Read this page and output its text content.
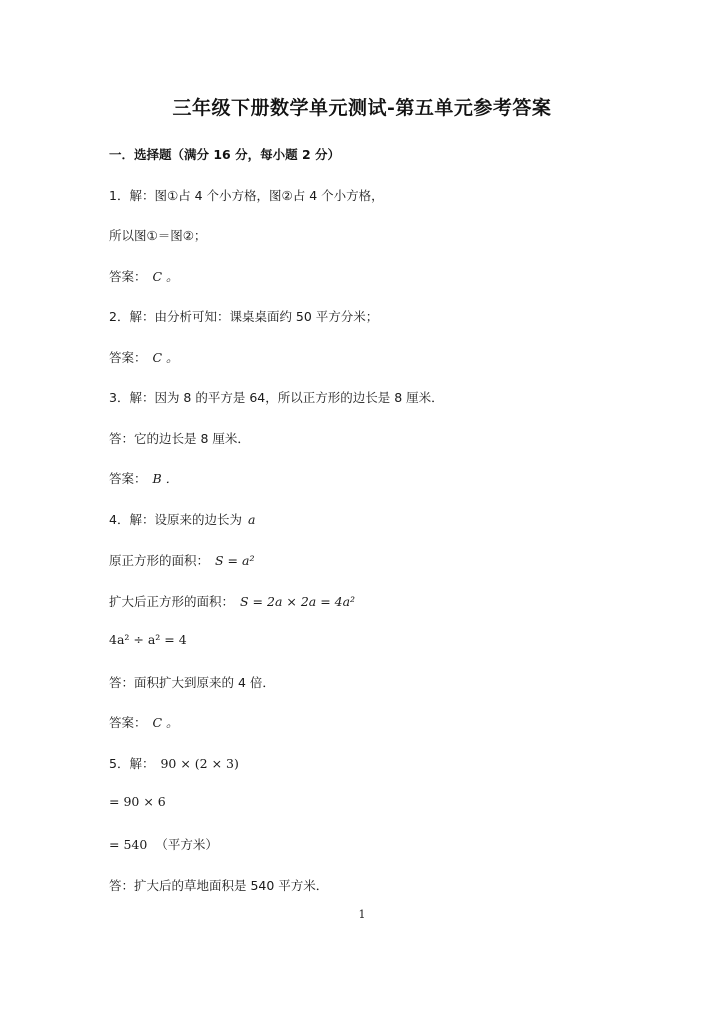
三年级下册数学单元测试-第五单元参考答案
一．选择题（满分 16 分，每小题 2 分）
1．解：图①占 4 个小方格，图②占 4 个小方格，
所以图①＝图②；
答案： C 。
2．解：由分析可知：课桌桌面约 50 平方分米；
答案： C 。
3．解：因为 8 的平方是 64，所以正方形的边长是 8 厘米．
答：它的边长是 8 厘米．
答案： B ．
4．解：设原来的边长为 a
原正方形的面积： S = a²
扩大后正方形的面积： S = 2a × 2a = 4a²
4a² ÷ a² = 4
答：面积扩大到原来的 4 倍．
答案： C 。
5．解： 90 × (2 × 3)
= 90 × 6
= 540 （平方米）
答：扩大后的草地面积是 540 平方米．
1
